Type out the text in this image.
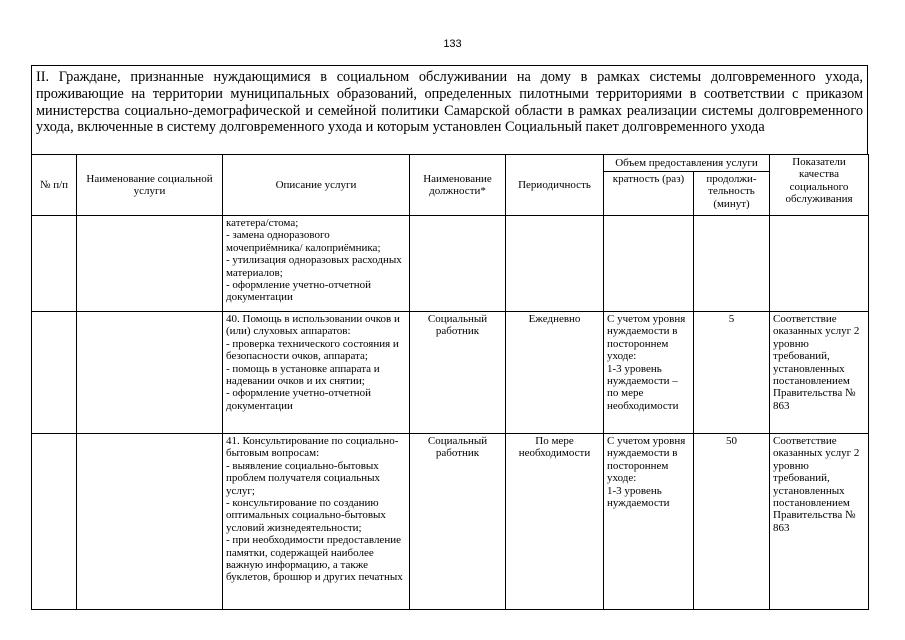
133
II. Граждане, признанные нуждающимися в социальном обслуживании на дому в рамках системы долговременного ухода, проживающие на территории муниципальных образований, определенных пилотными территориями в соответствии с приказом министерства социально-демографической и семейной политики Самарской области в рамках реализации системы долговременного ухода, включенные в систему долговременного ухода и которым установлен Социальный пакет долговременного ухода
№ п/п	Наименование социальной услуги	Описание услуги	Наименование должности*	Периодичность	Объем предоставления услуги		Показатели качества социального обслуживания
					кратность (раз)	продолжи-тельность (минут)	

		катетера/стома;
- замена одноразового мочеприёмника/ калоприёмника;
- утилизация одноразовых расходных материалов;
- оформление учетно-отчетной документации					

		40. Помощь в использовании очков и (или) слуховых аппаратов:
- проверка технического состояния и безопасности очков, аппарата;
- помощь в установке аппарата и надевании очков и их снятии;
- оформление учетно-отчетной документации	Социальный работник	Ежедневно	С учетом уровня нуждаемости в постороннем уходе:
1-3 уровень нуждаемости – по мере необходимости	5	Соответствие оказанных услуг 2 уровню требований, установленных постановлением Правительства № 863

		41. Консультирование по социально-бытовым вопросам:
- выявление социально-бытовых проблем получателя социальных услуг;
- консультирование по созданию оптимальных социально-бытовых условий жизнедеятельности;
- при необходимости предоставление памятки, содержащей наиболее важную информацию, а также буклетов, брошюр и других печатных	Социальный работник	По мере необходимости	С учетом уровня нуждаемости в постороннем уходе:
1-3 уровень нуждаемости	50	Соответствие оказанных услуг 2 уровню требований, установленных постановлением Правительства № 863
